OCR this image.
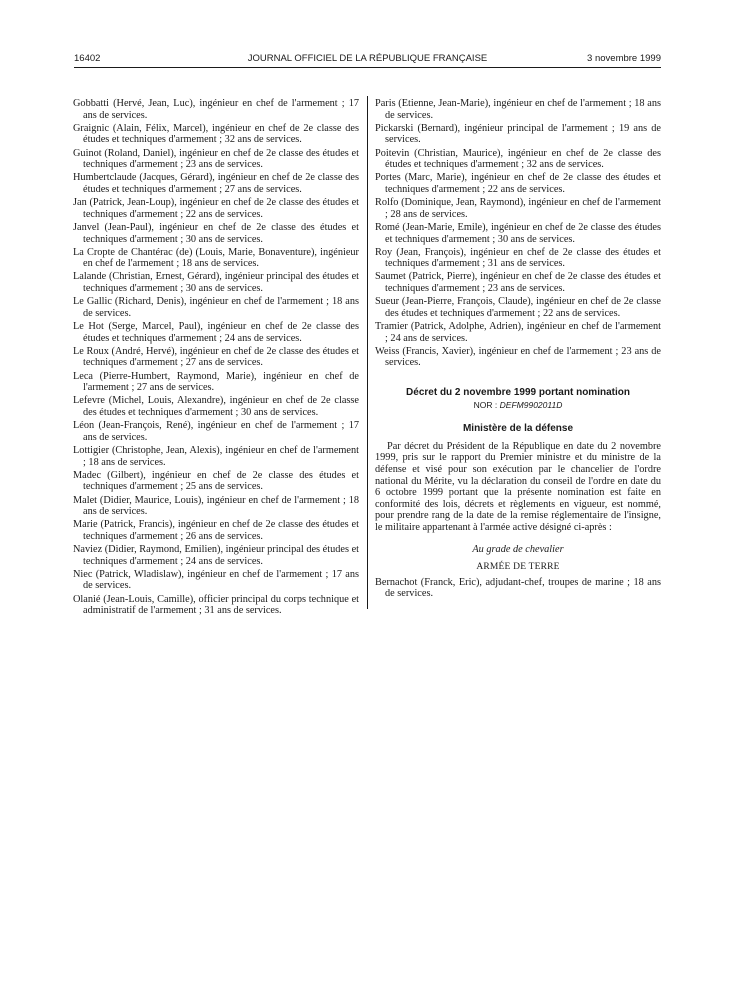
16402	JOURNAL OFFICIEL DE LA RÉPUBLIQUE FRANÇAISE	3 novembre 1999

Gobbatti (Hervé, Jean, Luc), ingénieur en chef de l'armement ; 17 ans de services.

Graignic (Alain, Félix, Marcel), ingénieur en chef de 2e classe des études et techniques d'armement ; 32 ans de services.

Guinot (Roland, Daniel), ingénieur en chef de 2e classe des études et techniques d'armement ; 23 ans de services.

Humbertclaude (Jacques, Gérard), ingénieur en chef de 2e classe des études et techniques d'armement ; 27 ans de services.

Jan (Patrick, Jean-Loup), ingénieur en chef de 2e classe des études et techniques d'armement ; 22 ans de services.

Janvel (Jean-Paul), ingénieur en chef de 2e classe des études et techniques d'armement ; 30 ans de services.

La Cropte de Chantérac (de) (Louis, Marie, Bonaventure), ingénieur en chef de l'armement ; 18 ans de services.

Lalande (Christian, Ernest, Gérard), ingénieur principal des études et techniques d'armement ; 30 ans de services.

Le Gallic (Richard, Denis), ingénieur en chef de l'armement ; 18 ans de services.

Le Hot (Serge, Marcel, Paul), ingénieur en chef de 2e classe des études et techniques d'armement ; 24 ans de services.

Le Roux (André, Hervé), ingénieur en chef de 2e classe des études et techniques d'armement ; 27 ans de services.

Leca (Pierre-Humbert, Raymond, Marie), ingénieur en chef de l'armement ; 27 ans de services.

Lefevre (Michel, Louis, Alexandre), ingénieur en chef de 2e classe des études et techniques d'armement ; 30 ans de services.

Léon (Jean-François, René), ingénieur en chef de l'armement ; 17 ans de services.

Lottigier (Christophe, Jean, Alexis), ingénieur en chef de l'armement ; 18 ans de services.

Madec (Gilbert), ingénieur en chef de 2e classe des études et techniques d'armement ; 25 ans de services.

Malet (Didier, Maurice, Louis), ingénieur en chef de l'armement ; 18 ans de services.

Marie (Patrick, Francis), ingénieur en chef de 2e classe des études et techniques d'armement ; 26 ans de services.

Naviez (Didier, Raymond, Emilien), ingénieur principal des études et techniques d'armement ; 24 ans de services.

Niec (Patrick, Wladislaw), ingénieur en chef de l'armement ; 17 ans de services.

Olanié (Jean-Louis, Camille), officier principal du corps technique et administratif de l'armement ; 31 ans de services.

Paris (Etienne, Jean-Marie), ingénieur en chef de l'armement ; 18 ans de services.

Pickarski (Bernard), ingénieur principal de l'armement ; 19 ans de services.

Poitevin (Christian, Maurice), ingénieur en chef de 2e classe des études et techniques d'armement ; 32 ans de services.

Portes (Marc, Marie), ingénieur en chef de 2e classe des études et techniques d'armement ; 22 ans de services.

Rolfo (Dominique, Jean, Raymond), ingénieur en chef de l'armement ; 28 ans de services.

Romé (Jean-Marie, Emile), ingénieur en chef de 2e classe des études et techniques d'armement ; 30 ans de services.

Roy (Jean, François), ingénieur en chef de 2e classe des études et techniques d'armement ; 31 ans de services.

Saumet (Patrick, Pierre), ingénieur en chef de 2e classe des études et techniques d'armement ; 23 ans de services.

Sueur (Jean-Pierre, François, Claude), ingénieur en chef de 2e classe des études et techniques d'armement ; 22 ans de services.

Tramier (Patrick, Adolphe, Adrien), ingénieur en chef de l'armement ; 24 ans de services.

Weiss (Francis, Xavier), ingénieur en chef de l'armement ; 23 ans de services.

Décret du 2 novembre 1999 portant nomination
NOR : DEFM9902011D
Ministère de la défense

Par décret du Président de la République en date du 2 novembre 1999, pris sur le rapport du Premier ministre et du ministre de la défense et visé pour son exécution par le chancelier de l'ordre national du Mérite, vu la déclaration du conseil de l'ordre en date du 6 octobre 1999 portant que la présente nomination est faite en conformité des lois, décrets et règlements en vigueur, est nommé, pour prendre rang de la date de la remise réglementaire de l'insigne, le militaire appartenant à l'armée active désigné ci-après :

Au grade de chevalier
ARMÉE DE TERRE

Bernachot (Franck, Eric), adjudant-chef, troupes de marine ; 18 ans de services.
